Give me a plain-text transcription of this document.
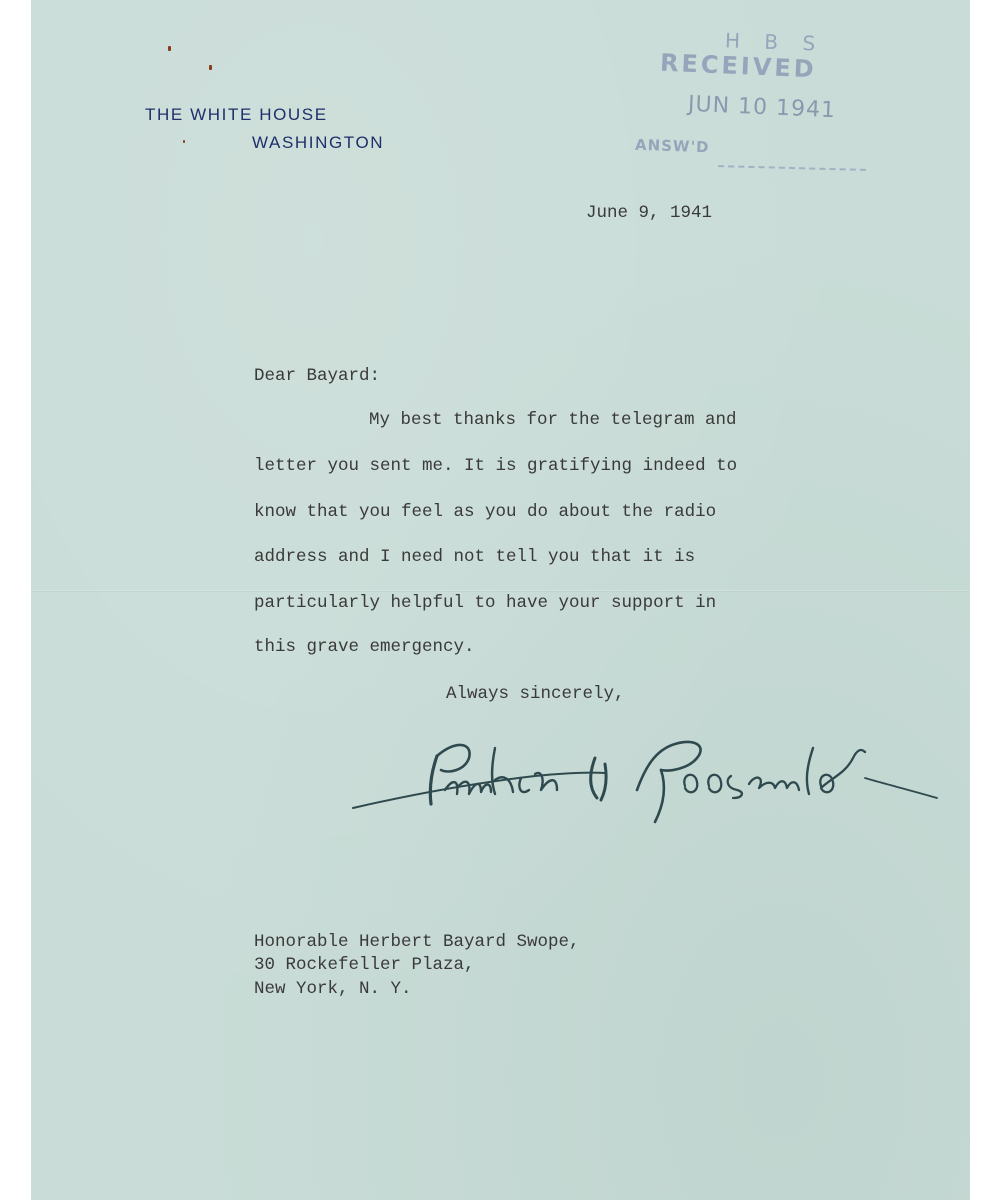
THE WHITE HOUSE
WASHINGTON
H B S
RECEIVED
JUN 10 1941
ANSW'D
June 9, 1941
Dear Bayard:
My best thanks for the telegram and
letter you sent me. It is gratifying indeed to
know that you feel as you do about the radio
address and I need not tell you that it is
particularly helpful to have your support in
this grave emergency.
Always sincerely,
Honorable Herbert Bayard Swope,
30 Rockefeller Plaza,
New York, N. Y.
